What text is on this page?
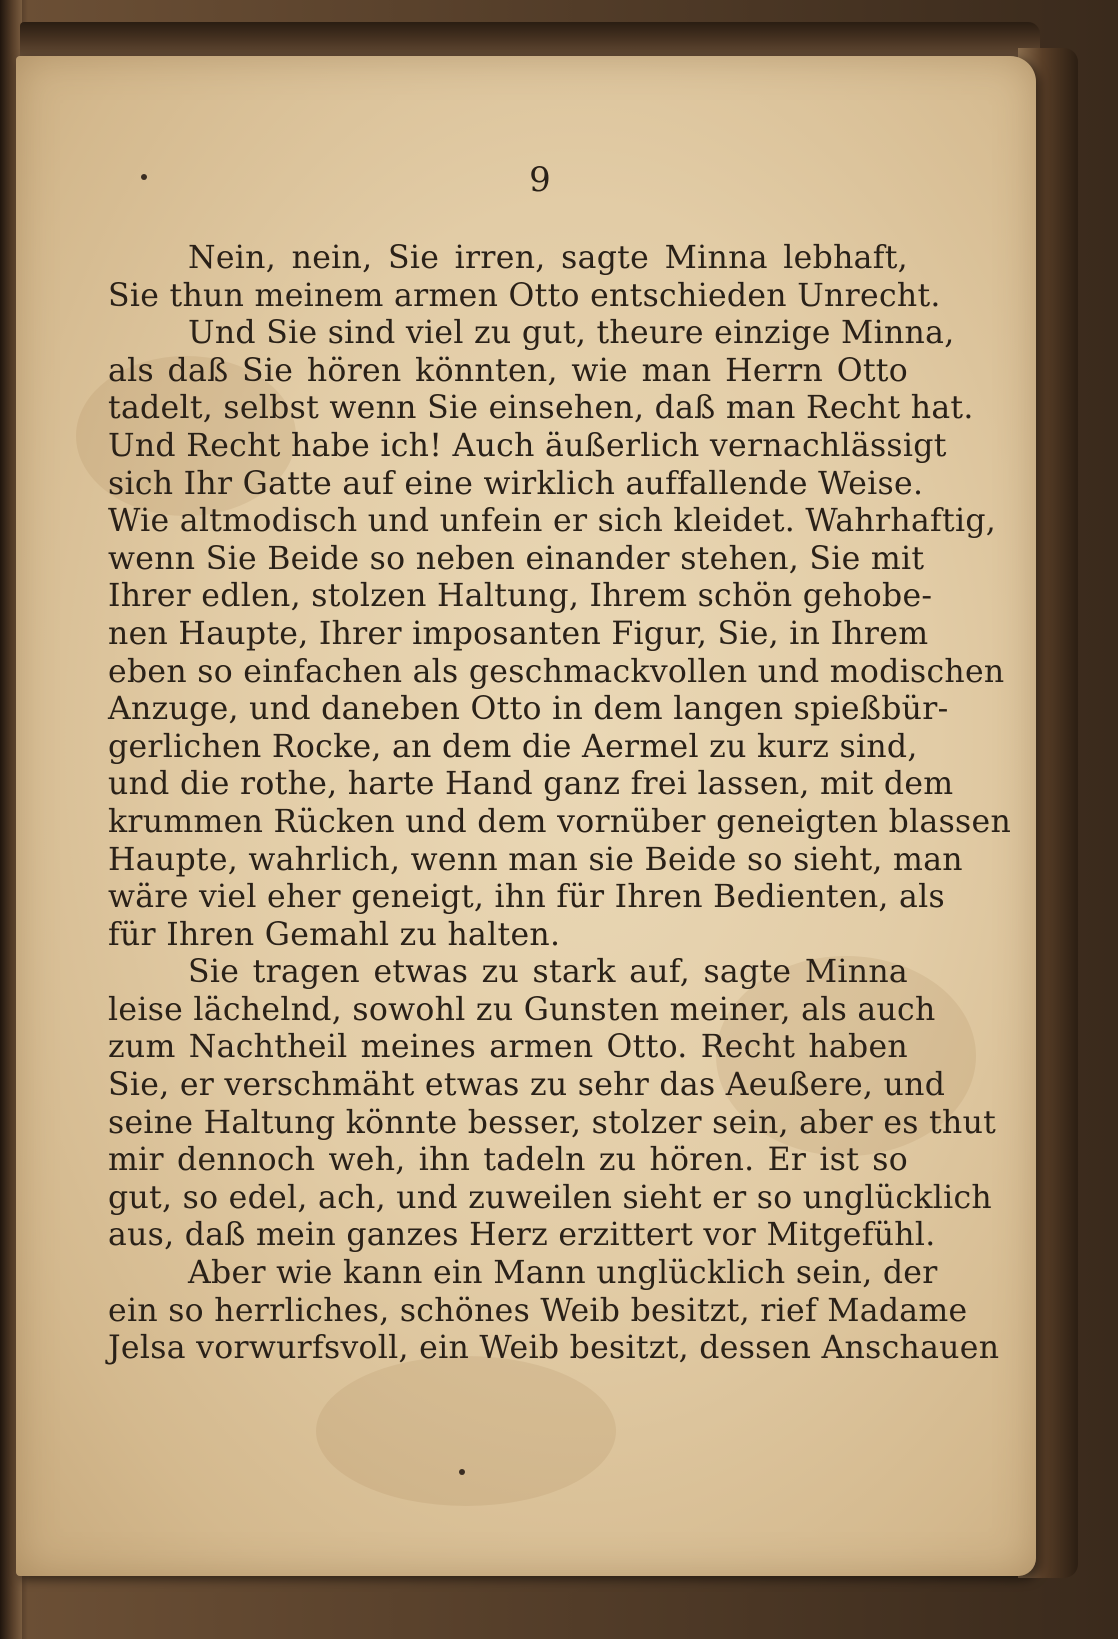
9
Nein, nein, Sie irren, sagte Minna lebhaft,
Sie thun meinem armen Otto entschieden Unrecht.
Und Sie sind viel zu gut, theure einzige Minna,
als daß Sie hören könnten, wie man Herrn Otto
tadelt, selbst wenn Sie einsehen, daß man Recht hat.
Und Recht habe ich! Auch äußerlich vernachlässigt
sich Ihr Gatte auf eine wirklich auffallende Weise.
Wie altmodisch und unfein er sich kleidet. Wahrhaftig,
wenn Sie Beide so neben einander stehen, Sie mit
Ihrer edlen, stolzen Haltung, Ihrem schön gehobe-
nen Haupte, Ihrer imposanten Figur, Sie, in Ihrem
eben so einfachen als geschmackvollen und modischen
Anzuge, und daneben Otto in dem langen spießbür-
gerlichen Rocke, an dem die Aermel zu kurz sind,
und die rothe, harte Hand ganz frei lassen, mit dem
krummen Rücken und dem vornüber geneigten blassen
Haupte, wahrlich, wenn man sie Beide so sieht, man
wäre viel eher geneigt, ihn für Ihren Bedienten, als
für Ihren Gemahl zu halten.
Sie tragen etwas zu stark auf, sagte Minna
leise lächelnd, sowohl zu Gunsten meiner, als auch
zum Nachtheil meines armen Otto. Recht haben
Sie, er verschmäht etwas zu sehr das Aeußere, und
seine Haltung könnte besser, stolzer sein, aber es thut
mir dennoch weh, ihn tadeln zu hören. Er ist so
gut, so edel, ach, und zuweilen sieht er so unglücklich
aus, daß mein ganzes Herz erzittert vor Mitgefühl.
Aber wie kann ein Mann unglücklich sein, der
ein so herrliches, schönes Weib besitzt, rief Madame
Jelsa vorwurfsvoll, ein Weib besitzt, dessen Anschauen
